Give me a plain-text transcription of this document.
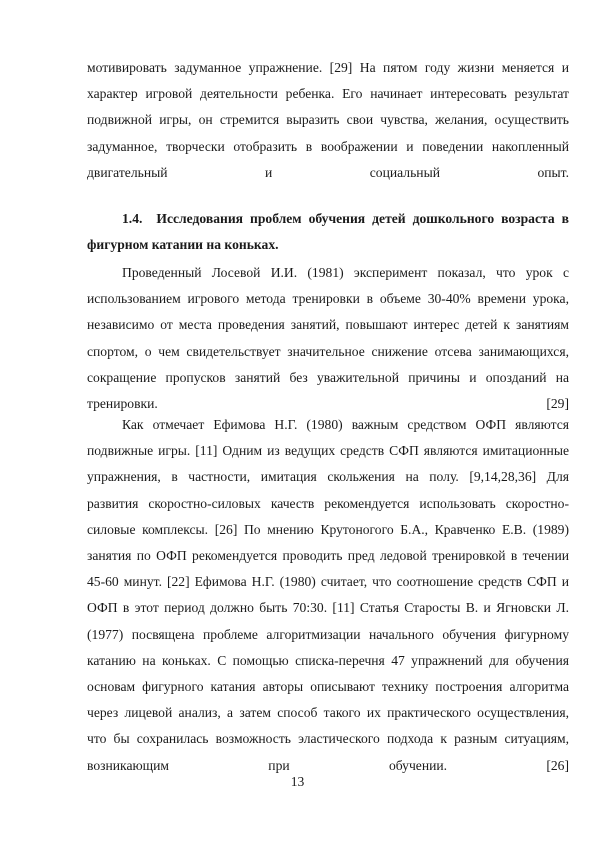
мотивировать задуманное упражнение. [29] На пятом году жизни меняется и
характер игровой деятельности ребенка. Его начинает интересовать результат
подвижной игры, он стремится выразить свои чувства, желания, осуществить
задуманное, творчески отобразить в воображении и поведении накопленный
двигательный и социальный опыт.
1.4. Исследования проблем обучения детей дошкольного возраста в
фигурном катании на коньках.
Проведенный Лосевой И.И. (1981) эксперимент показал, что урок с
использованием игрового метода тренировки в объеме 30-40% времени урока,
независимо от места проведения занятий, повышают интерес детей к занятиям
спортом, о чем свидетельствует значительное снижение отсева занимающихся,
сокращение пропусков занятий без уважительной причины и опозданий на
тренировки. [29]
Как отмечает Ефимова Н.Г. (1980) важным средством ОФП являются
подвижные игры. [11] Одним из ведущих средств СФП являются имитационные
упражнения, в частности, имитация скольжения на полу. [9,14,28,36] Для
развития скоростно-силовых качеств рекомендуется использовать скоростно-
силовые комплексы. [26] По мнению Крутоногого Б.А., Кравченко Е.В. (1989)
занятия по ОФП рекомендуется проводить пред ледовой тренировкой в течении
45-60 минут. [22] Ефимова Н.Г. (1980) считает, что соотношение средств СФП и
ОФП в этот период должно быть 70:30. [11] Статья Старосты В. и Ягновски Л.
(1977) посвящена проблеме алгоритмизации начального обучения фигурному
катанию на коньках. С помощью списка-перечня 47 упражнений для обучения
основам фигурного катания авторы описывают технику построения алгоритма
через лицевой анализ, а затем способ такого их практического осуществления,
что бы сохранилась возможность эластического подхода к разным ситуациям,
возникающим при обучении. [26]
13
